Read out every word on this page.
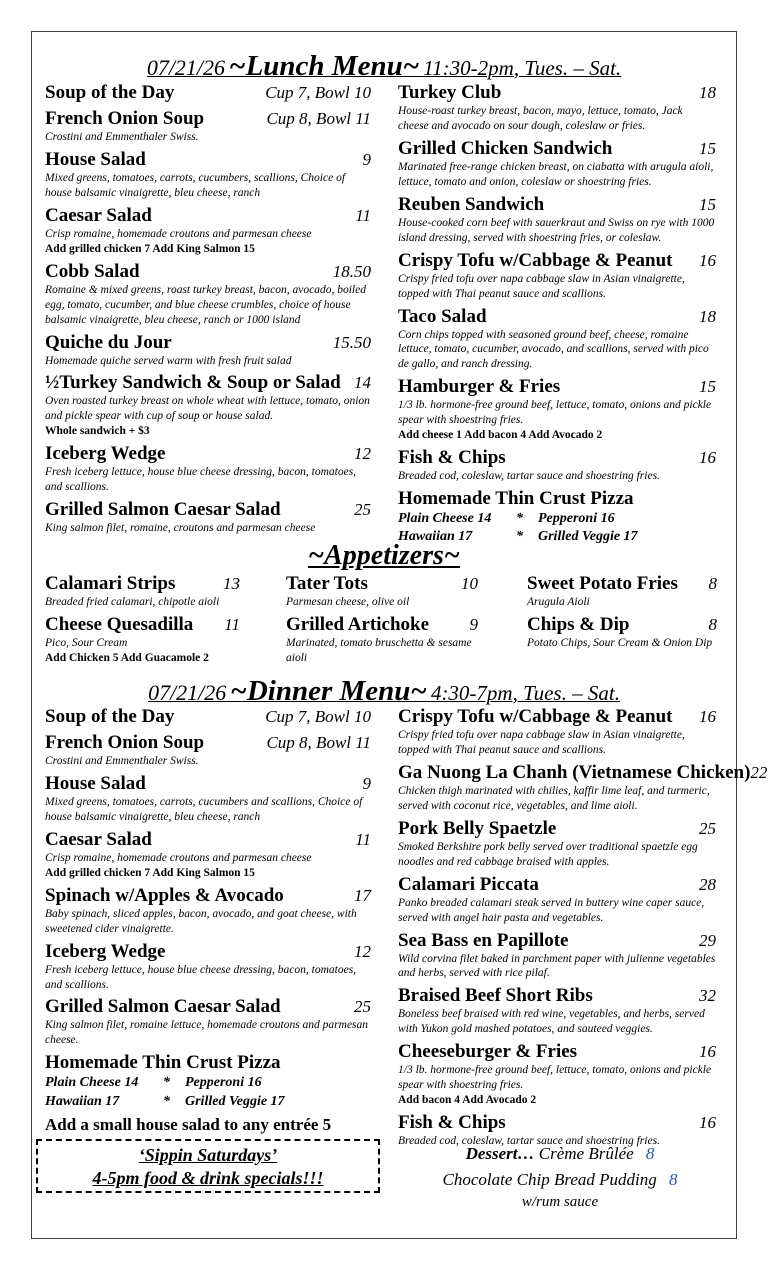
07/21/26 ~Lunch Menu~ 11:30-2pm, Tues. – Sat.
Soup of the Day	Cup 7, Bowl 10
French Onion Soup	Cup 8, Bowl 11
Crostini and Emmenthaler Swiss.
House Salad	9
Mixed greens, tomatoes, carrots, cucumbers, scallions, Choice of house balsamic vinaigrette, bleu cheese, ranch
Caesar Salad	11
Crisp romaine, homemade croutons and parmesan cheese
Add grilled chicken 7 Add King Salmon 15
Cobb Salad	18.50
Romaine & mixed greens, roast turkey breast, bacon, avocado, boiled egg, tomato, cucumber, and blue cheese crumbles, choice of house balsamic vinaigrette, bleu cheese, ranch or 1000 island
Quiche du Jour	15.50
Homemade quiche served warm with fresh fruit salad
½Turkey Sandwich & Soup or Salad 14
Oven roasted turkey breast on whole wheat with lettuce, tomato, onion and pickle spear with cup of soup or house salad.
Whole sandwich + $3
Iceberg Wedge	12
Fresh iceberg lettuce, house blue cheese dressing, bacon, tomatoes, and scallions.
Grilled Salmon Caesar Salad	25
King salmon filet, romaine, croutons and parmesan cheese
Turkey Club	18
House-roast turkey breast, bacon, mayo, lettuce, tomato, Jack cheese and avocado on sour dough, coleslaw or fries.
Grilled Chicken Sandwich	15
Marinated free-range chicken breast, on ciabatta with arugula aioli, lettuce, tomato and onion, coleslaw or shoestring fries.
Reuben Sandwich	15
House-cooked corn beef with sauerkraut and Swiss on rye with 1000 island dressing, served with shoestring fries, or coleslaw.
Crispy Tofu w/Cabbage & Peanut 16
Crispy fried tofu over napa cabbage slaw in Asian vinaigrette, topped with Thai peanut sauce and scallions.
Taco Salad	18
Corn chips topped with seasoned ground beef, cheese, romaine lettuce, tomato, cucumber, avocado, and scallions, served with pico de gallo, and ranch dressing.
Hamburger & Fries	15
1/3 lb. hormone-free ground beef, lettuce, tomato, onions and pickle spear with shoestring fries.
Add cheese 1 Add bacon 4 Add Avocado 2
Fish & Chips	16
Breaded cod, coleslaw, tartar sauce and shoestring fries.
Homemade Thin Crust Pizza
Plain Cheese 14	*	Pepperoni 16
Hawaiian 17	*	Grilled Veggie 17
~Appetizers~
Calamari Strips	13
Breaded fried calamari, chipotle aioli
Cheese Quesadilla 11
Pico, Sour Cream
Add Chicken 5 Add Guacamole 2
Tater Tots	10
Parmesan cheese, olive oil
Grilled Artichoke 9
Marinated, tomato bruschetta & sesame aioli
Sweet Potato Fries 8
Arugula Aioli
Chips & Dip	8
Potato Chips, Sour Cream & Onion Dip
07/21/26 ~Dinner Menu~ 4:30-7pm, Tues. – Sat.
Soup of the Day	Cup 7, Bowl 10
French Onion Soup	Cup 8, Bowl 11
Crostini and Emmenthaler Swiss.
House Salad	9
Mixed greens, tomatoes, carrots, cucumbers and scallions, Choice of house balsamic vinaigrette, bleu cheese, ranch
Caesar Salad	11
Crisp romaine, homemade croutons and parmesan cheese
Add grilled chicken 7 Add King Salmon 15
Spinach w/Apples & Avocado	17
Baby spinach, sliced apples, bacon, avocado, and goat cheese, with sweetened cider vinaigrette.
Iceberg Wedge	12
Fresh iceberg lettuce, house blue cheese dressing, bacon, tomatoes, and scallions.
Grilled Salmon Caesar Salad	25
King salmon filet, romaine lettuce, homemade croutons and parmesan cheese.
Homemade Thin Crust Pizza
Plain Cheese 14	*	Pepperoni 16
Hawaiian 17	*	Grilled Veggie 17
Add a small house salad to any entrée 5
Crispy Tofu w/Cabbage & Peanut 16
Crispy fried tofu over napa cabbage slaw in Asian vinaigrette, topped with Thai peanut sauce and scallions.
Ga Nuong La Chanh (Vietnamese Chicken) 22
Chicken thigh marinated with chilies, kaffir lime leaf, and turmeric, served with coconut rice, vegetables, and lime aioli.
Pork Belly Spaetzle	25
Smoked Berkshire pork belly served over traditional spaetzle egg noodles and red cabbage braised with apples.
Calamari Piccata	28
Panko breaded calamari steak served in buttery wine caper sauce, served with angel hair pasta and vegetables.
Sea Bass en Papillote	29
Wild corvina filet baked in parchment paper with julienne vegetables and herbs, served with rice pilaf.
Braised Beef Short Ribs	32
Boneless beef braised with red wine, vegetables, and herbs, served with Yukon gold mashed potatoes, and sauteed veggies.
Cheeseburger & Fries	16
1/3 lb. hormone-free ground beef, lettuce, tomato, onions and pickle spear with shoestring fries.
Add bacon 4 Add Avocado 2
Fish & Chips	16
Breaded cod, coleslaw, tartar sauce and shoestring fries.
‘Sippin Saturdays’
4-5pm food & drink specials!!!
Dessert… Crème Brûlée 8
Chocolate Chip Bread Pudding 8
w/rum sauce
